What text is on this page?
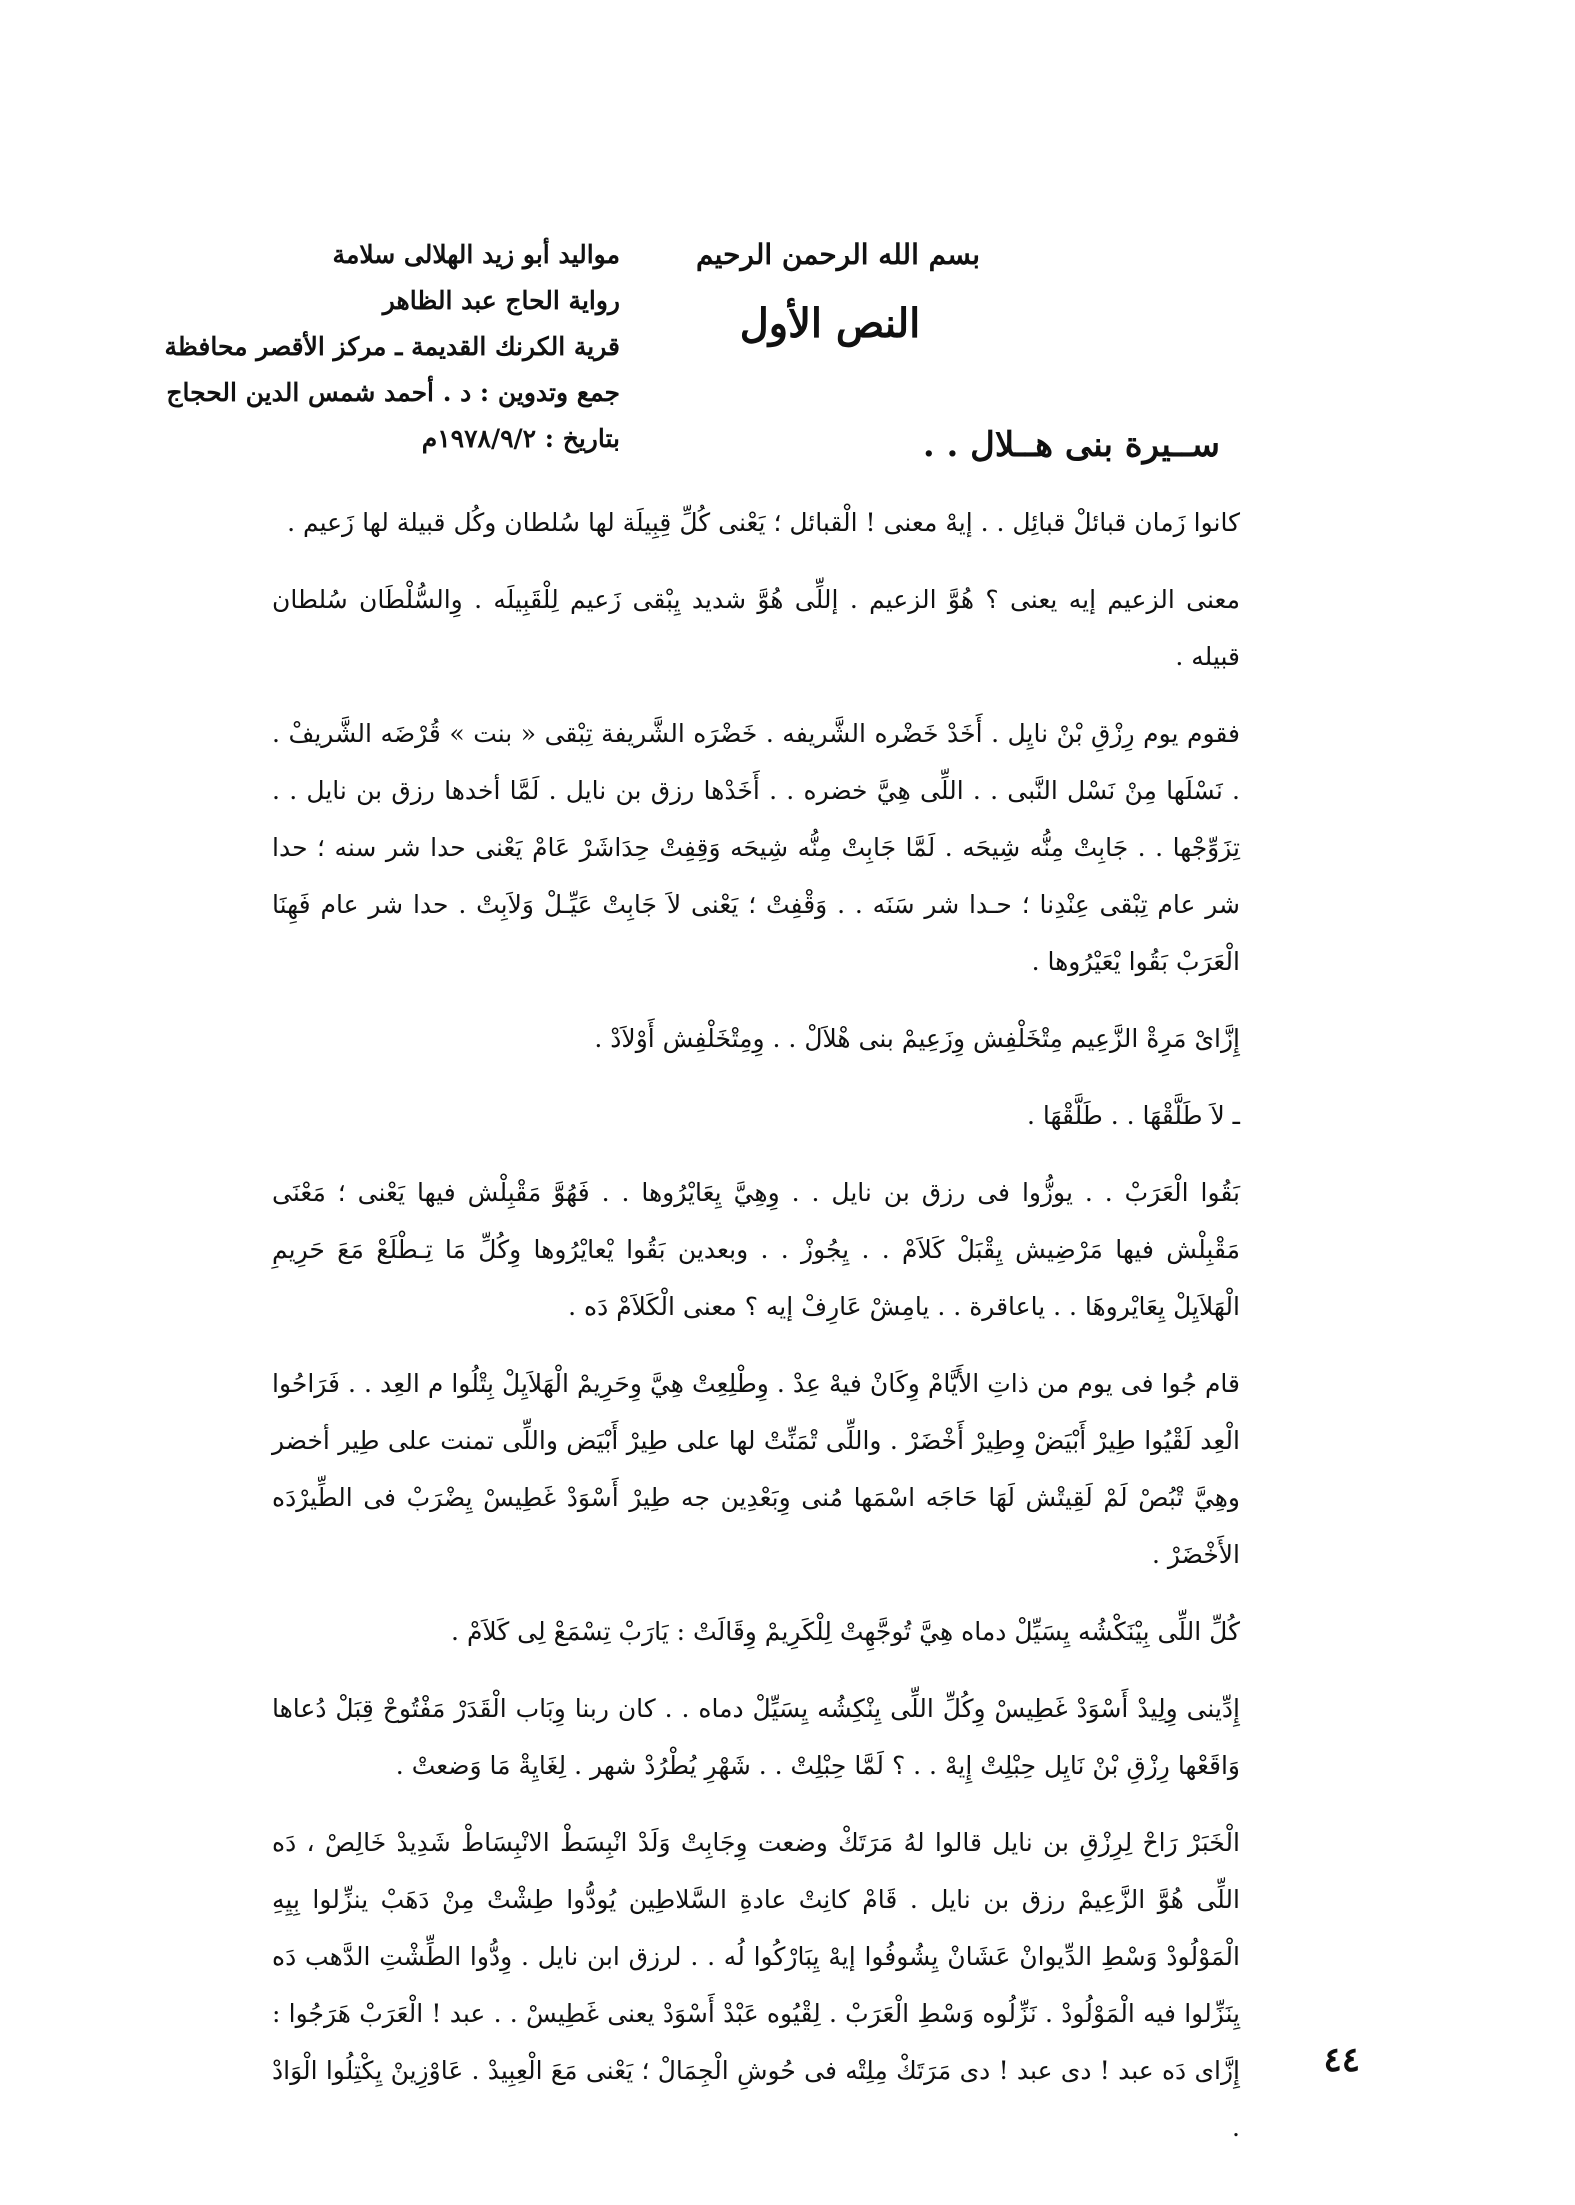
مواليد أبو زيد الهلالى سلامة
رواية الحاج عبد الظاهر
قرية الكرنك القديمة ـ مركز الأقصر محافظة
جمع وتدوين : د . أحمد شمس الدين الحجاج
بتاريخ : ١٩٧٨/٩/٢م
بسم الله الرحمن الرحيم
النص الأول
ســيرة بنى هــلال . .

كانوا زَمان قبائلْ قبائِل . . إيهْ معنى ! الْقبائل ؛ يَعْنى كُلِّ قِبِيلَة لها سُلطان وكُل قبيلة لها زَعيم .

معنى الزعيم إيه يعنى ؟ هُوَّ الزعيم . إللِّى هُوَّ شديد يِبْقى زَعيم لِلْقَبِيلَه . وِالسُّلْطَان سُلطان قبيله .

فقوم يوم رِزْقِ بْنْ نايِل . أَخَدْ خَضْره الشَّريفه . خَضْرَه الشَّريفة تِبْقى « بنت » قُرْضَه الشَّريفْ . . نَسْلَها مِنْ نَسْل النَّبى . . اللِّى هِيَّ خضره . . أَخَدْها رزق بن نايل . لَمَّا أخدها رزق بن نايل . . تِزَوِّجْها . . جَابِتْ مِنُّه شِيحَه . لَمَّا جَابِتْ مِنُّه شِيحَه وَقِفِتْ حِدَاشَرْ عَامْ يَعْنى حدا شر سنه ؛ حدا شر عام تِبْقى عِنْدِنا ؛ حـدا شر سَنَه . . وَقْفِتْ ؛ يَعْنى لاَ جَابِتْ عَيِّـلْ وَلاَبِتْ . حدا شر عام فَهِنَا الْعَرَبْ بَقُوا يْعَيْرُوها .

إِزَّاىْ مَرِةْ الزَّعِيم مِتْخَلْفِش وِزَعِيمْ بنى هْلاَلْ . . وِمِتْخَلْفِش أَوْلاَدْ .

ـ لاَ طَلَّقْهَا . . طَلَّقْهَا .

بَقُوا الْعَرَبْ . . يوزُّوا فى رزق بن نايل . . وِهِيَّ يِعَايْرُوها . . فَهُوَّ مَقْبِلْش فيها يَعْنى ؛ مَعْنَى مَقْبِلْش فيها مَرْضِيش يِقْبَلْ كَلاَمْ . . يِجُوزْ . . وبعدين بَقُوا يْعايْرُوها وِكُلِّ مَا تِـطْلَعْ مَعَ حَرِيمِ الْهَلاَيِلْ يِعَايْروهَا . . ياعاقرة . . يامِشْ عَارِفْ إيه ؟ معنى الْكَلاَمْ دَه .

قام جُوا فى يوم من ذاتِ الأَيَّامْ وِكَانْ فيهْ عِدْ . وِطْلِعِتْ هِيَّ وِحَرِيمْ الْهَلاَيِلْ بِتْلُوا م العِد . . فَرَاحُوا الْعِد لَقْيُوا طِيرْ أَبْيَضْ وِطِيرْ أَخْضَرْ . واللِّى تْمَنِّتْ لها على طِيرْ أَبْيَض واللِّى تمنت على طِير أخضر وهِيَّ تْبُصْ لَمْ لَقِيتْش لَهَا حَاجَه اسْمَها مُنى وِبَعْدِين جه طِيرْ أَسْوَدْ غَطِيسْ يِضْرَبْ فى الطِّيرْدَه الأَخْضَرْ .

كُلِّ اللِّى بِيْنَكْشُه يِسَيِّلْ دماه هِيَّ تُوجَّهِتْ لِلْكَرِيمْ وِقَالَتْ : يَارَبْ تِسْمَعْ لِى كَلاَمْ .

إِدِّينى وِلِيدْ أَسْوَدْ غَطِيسْ وِكُلِّ اللِّى يِنْكِشُه يِسَيِّلْ دماه . . كان ربنا وِبَاب الْقَدَرْ مَفْتُوحْ قِبَلْ دُعاها وَاقَعْها رِزْقِ بْنْ نَايِل حِبْلِتْ إِيهْ . . ؟ لَمَّا حِبْلِتْ . . شَهْرِ يُطْرُدْ شهر . لِغَايِةْ مَا وَضعتْ .

الْخَبَرْ رَاحْ لِرِزْقِ بن نايل قالوا لهُ مَرَتَكْ وضعت وِجَابِتْ وَلَدْ انْبِسَطْ الانْبِسَاطْ شَدِيدْ خَالِصْ ، دَه اللِّى هُوَّ الزَّعِيمْ رزق بن نايل . قَامْ كانِتْ عادةِ السَّلاطِين يُودُّوا طِشْتْ مِنْ دَهَبْ ينزِّلوا بِيِهِ الْمَوْلُودْ وَسْطِ الدِّيوانْ عَشَانْ يِشُوفُوا إيهْ يِبَارْكُوا لُه . . لرزق ابن نايل . وِدُّوا الطِّشْتِ الدَّهب دَه يِنَزِّلوا فيه الْمَوْلُودْ . نَزِّلُوه وَسْطِ الْعَرَبْ . لِقْيُوه عَبْدْ أَسْوَدْ يعنى غَطِيسْ . . عبد ! الْعَرَبْ هَرَجُوا : إِزَّاى دَه عبد ! دى عبد ! دى مَرَتَكْ مِلِتْه فى حُوشِ الْجِمَالْ ؛ يَعْنى مَعَ الْعِبِيدْ . عَاوْزِينْ يِكْتِلُوا الْوَادْ .

٤٤
